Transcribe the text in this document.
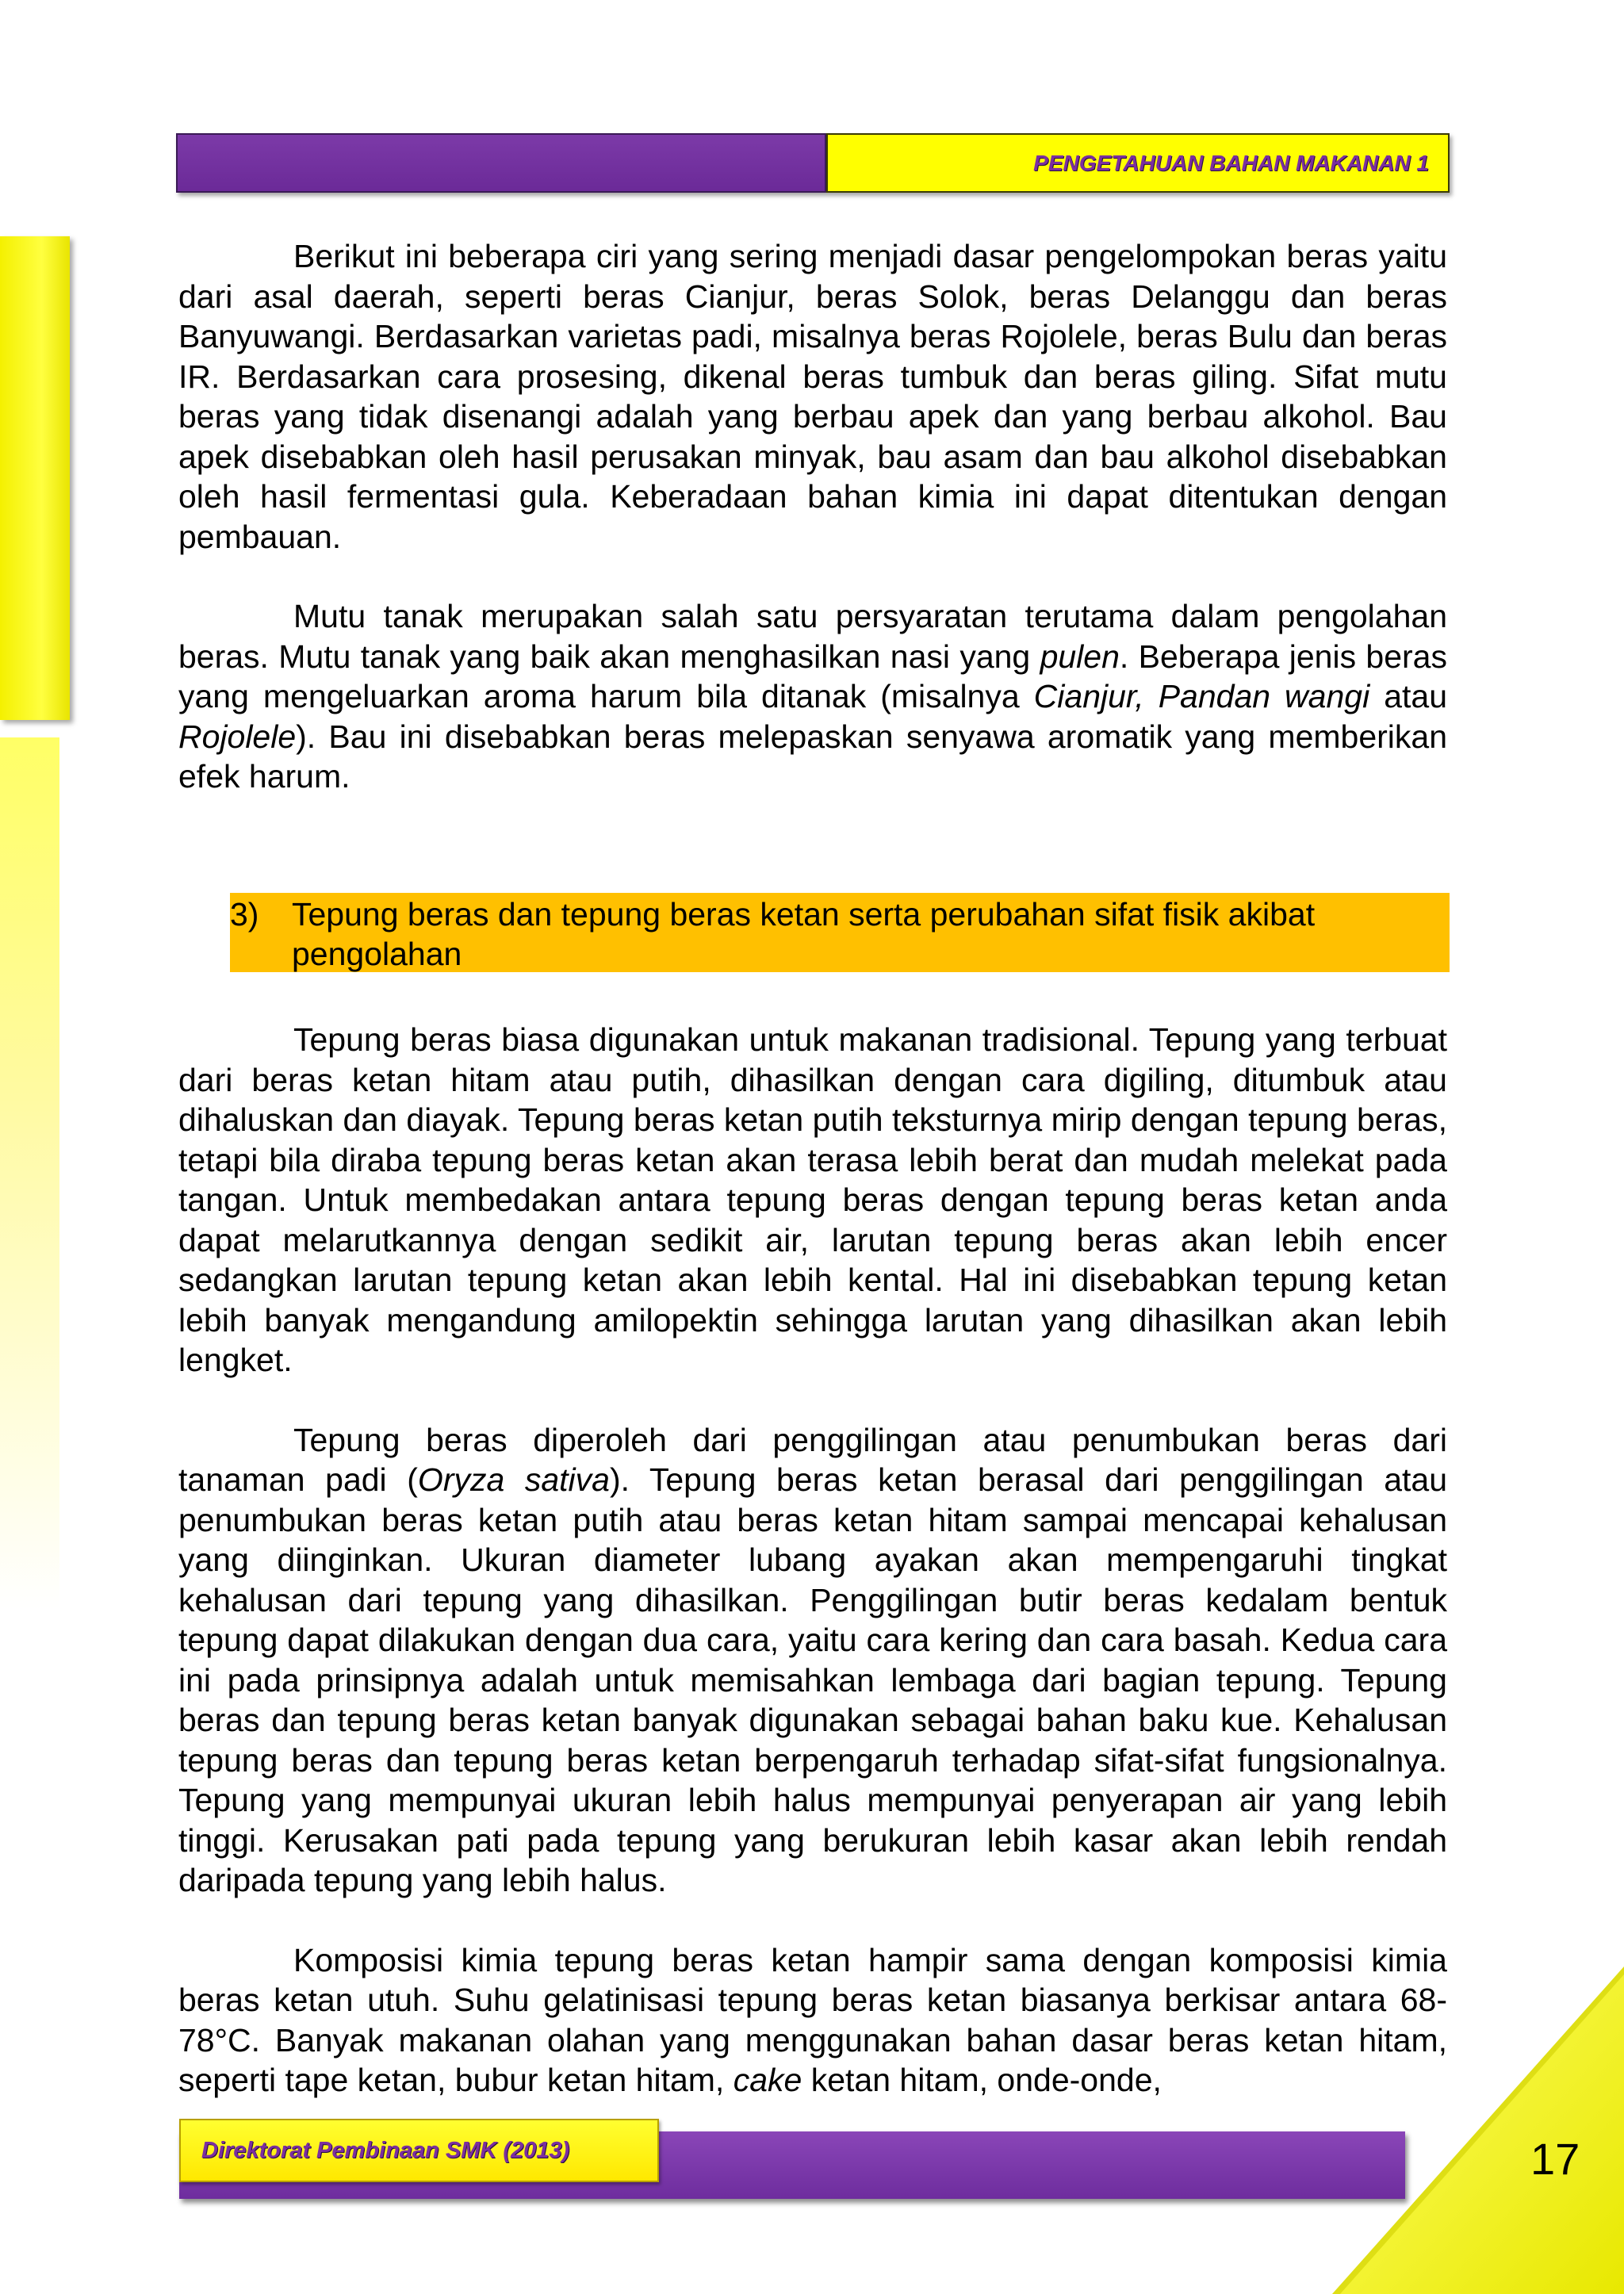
PENGETAHUAN BAHAN MAKANAN 1

Berikut ini beberapa ciri yang sering menjadi dasar pengelompokan beras yaitu dari asal daerah, seperti beras Cianjur, beras Solok, beras Delanggu dan beras Banyuwangi. Berdasarkan varietas padi, misalnya beras Rojolele, beras Bulu dan beras IR. Berdasarkan cara prosesing, dikenal beras tumbuk dan beras giling. Sifat mutu beras yang tidak disenangi adalah yang berbau apek dan yang berbau alkohol. Bau apek disebabkan oleh hasil perusakan minyak, bau asam dan bau alkohol disebabkan oleh hasil fermentasi gula. Keberadaan bahan kimia ini dapat ditentukan dengan pembauan.

Mutu tanak merupakan salah satu persyaratan terutama dalam pengolahan beras. Mutu tanak yang baik akan menghasilkan nasi yang pulen. Beberapa jenis beras yang mengeluarkan aroma harum bila ditanak (misalnya Cianjur, Pandan wangi atau Rojolele). Bau ini disebabkan beras melepaskan senyawa aromatik yang memberikan efek harum.

3) Tepung beras dan tepung beras ketan serta perubahan sifat fisik akibat pengolahan

Tepung beras biasa digunakan untuk makanan tradisional. Tepung yang terbuat dari beras ketan hitam atau putih, dihasilkan dengan cara digiling, ditumbuk atau dihaluskan dan diayak. Tepung beras ketan putih teksturnya mirip dengan tepung beras, tetapi bila diraba tepung beras ketan akan terasa lebih berat dan mudah melekat pada tangan. Untuk membedakan antara tepung beras dengan tepung beras ketan anda dapat melarutkannya dengan sedikit air, larutan tepung beras akan lebih encer sedangkan larutan tepung ketan akan lebih kental. Hal ini disebabkan tepung ketan lebih banyak mengandung amilopektin sehingga larutan yang dihasilkan akan lebih lengket.

Tepung beras diperoleh dari penggilingan atau penumbukan beras dari tanaman padi (Oryza sativa). Tepung beras ketan berasal dari penggilingan atau penumbukan beras ketan putih atau beras ketan hitam sampai mencapai kehalusan yang diinginkan. Ukuran diameter lubang ayakan akan mempengaruhi tingkat kehalusan dari tepung yang dihasilkan. Penggilingan butir beras kedalam bentuk tepung dapat dilakukan dengan dua cara, yaitu cara kering dan cara basah. Kedua cara ini pada prinsipnya adalah untuk memisahkan lembaga dari bagian tepung. Tepung beras dan tepung beras ketan banyak digunakan sebagai bahan baku kue. Kehalusan tepung beras dan tepung beras ketan berpengaruh terhadap sifat-sifat fungsionalnya. Tepung yang mempunyai ukuran lebih halus mempunyai penyerapan air yang lebih tinggi. Kerusakan pati pada tepung yang berukuran lebih kasar akan lebih rendah daripada tepung yang lebih halus.

Komposisi kimia tepung beras ketan hampir sama dengan komposisi kimia beras ketan utuh. Suhu gelatinisasi tepung beras ketan biasanya berkisar antara 68-78°C. Banyak makanan olahan yang menggunakan bahan dasar beras ketan hitam, seperti tape ketan, bubur ketan hitam, cake ketan hitam, onde-onde,

Direktorat Pembinaan SMK (2013)	17
